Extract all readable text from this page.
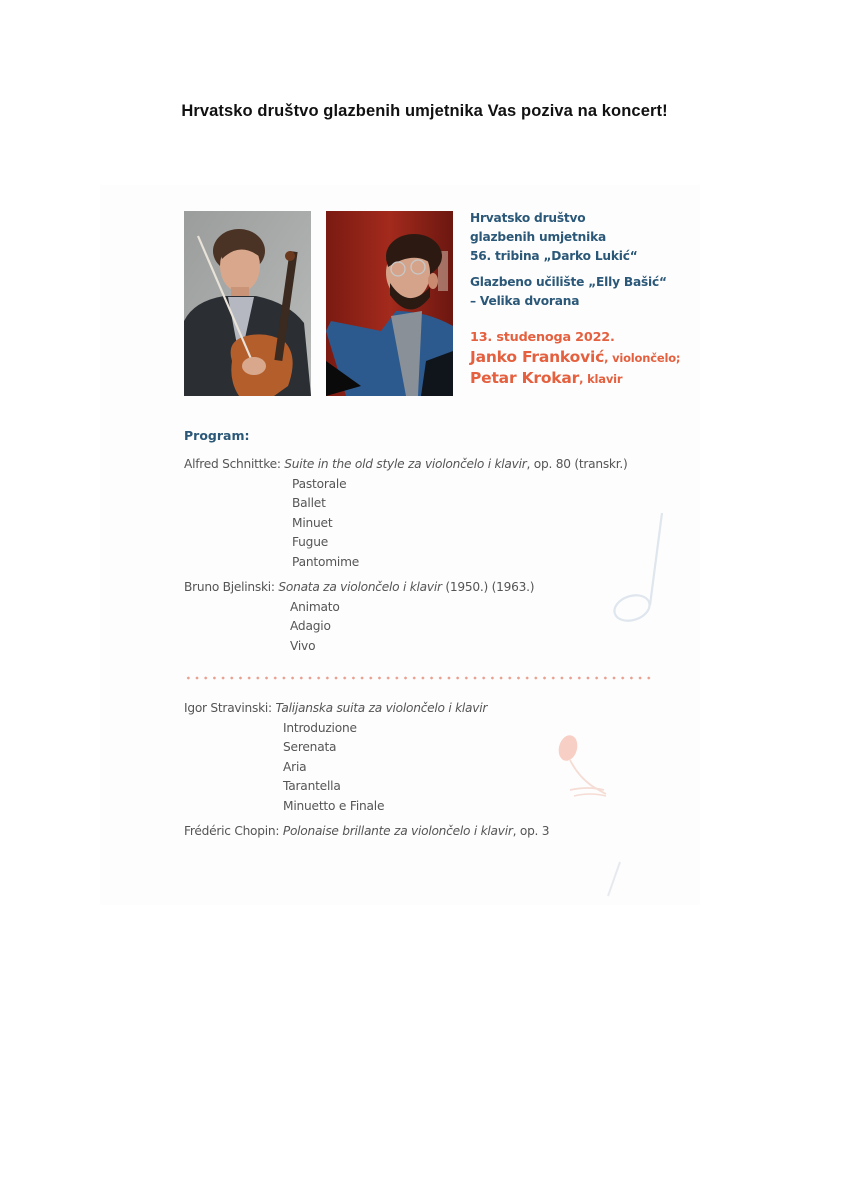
Hrvatsko društvo glazbenih umjetnika Vas poziva na koncert!
Hrvatsko društvo
glazbenih umjetnika
56. tribina „Darko Lukić“
Glazbeno učilište „Elly Bašić“
– Velika dvorana
13. studenoga 2022.
Janko Franković, violončelo;
Petar Krokar, klavir
Program:
Alfred Schnittke: Suite in the old style za violončelo i klavir, op. 80 (transkr.)
Pastorale
Ballet
Minuet
Fugue
Pantomime
Bruno Bjelinski: Sonata za violončelo i klavir (1950.) (1963.)
Animato
Adagio
Vivo
Igor Stravinski: Talijanska suita za violončelo i klavir
Introduzione
Serenata
Aria
Tarantella
Minuetto e Finale
Frédéric Chopin: Polonaise brillante za violončelo i klavir, op. 3
